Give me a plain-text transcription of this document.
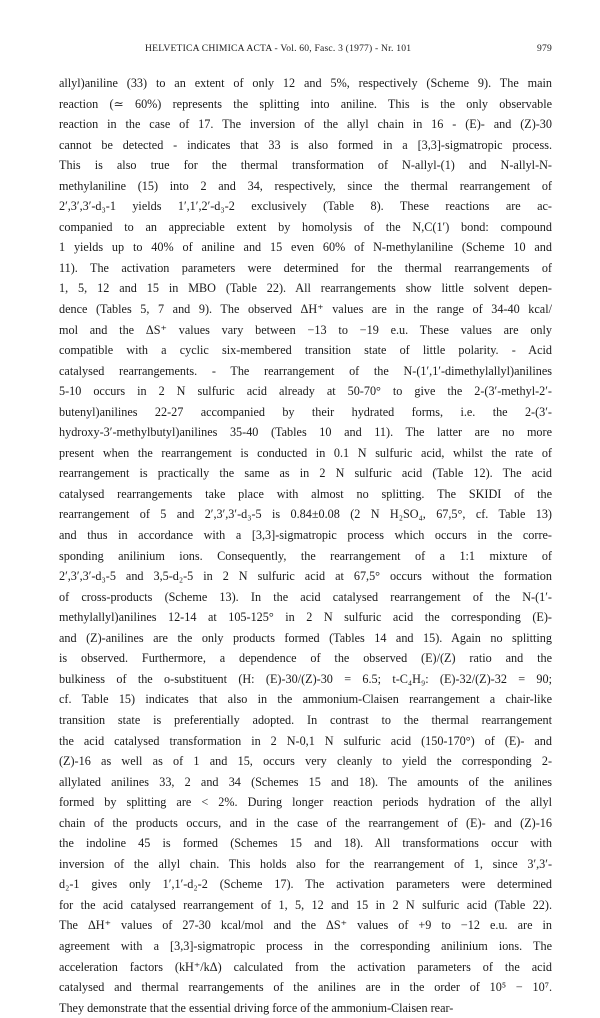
HELVETICA CHIMICA ACTA - Vol. 60, Fasc. 3 (1977) - Nr. 101	979
allyl)aniline (33) to an extent of only 12 and 5%, respectively (Scheme 9). The main
reaction (≃ 60%) represents the splitting into aniline. This is the only observable
reaction in the case of 17. The inversion of the allyl chain in 16 - (E)- and (Z)-30
cannot be detected - indicates that 33 is also formed in a [3,3]-sigmatropic process.
This is also true for the thermal transformation of N-allyl-(1) and N-allyl-N-
methylaniline (15) into 2 and 34, respectively, since the thermal rearrangement of
2′,3′,3′-d₃-1 yields 1′,1′,2′-d₃-2 exclusively (Table 8). These reactions are ac-
companied to an appreciable extent by homolysis of the N,C(1′) bond: compound
1 yields up to 40% of aniline and 15 even 60% of N-methylaniline (Scheme 10 and
11). The activation parameters were determined for the thermal rearrangements of
1, 5, 12 and 15 in MBO (Table 22). All rearrangements show little solvent depen-
dence (Tables 5, 7 and 9). The observed ΔH⁺ values are in the range of 34-40 kcal/
mol and the ΔS⁺ values vary between −13 to −19 e.u. These values are only
compatible with a cyclic six-membered transition state of little polarity. - Acid
catalysed rearrangements. - The rearrangement of the N-(1′,1′-dimethylallyl)anilines
5-10 occurs in 2 N sulfuric acid already at 50-70° to give the 2-(3′-methyl-2′-
butenyl)anilines 22-27 accompanied by their hydrated forms, i.e. the 2-(3′-
hydroxy-3′-methylbutyl)anilines 35-40 (Tables 10 and 11). The latter are no more
present when the rearrangement is conducted in 0.1 N sulfuric acid, whilst the rate of
rearrangement is practically the same as in 2 N sulfuric acid (Table 12). The acid
catalysed rearrangements take place with almost no splitting. The SKIDI of the
rearrangement of 5 and 2′,3′,3′-d₃-5 is 0.84±0.08 (2 N H₂SO₄, 67,5°, cf. Table 13)
and thus in accordance with a [3,3]-sigmatropic process which occurs in the corre-
sponding anilinium ions. Consequently, the rearrangement of a 1:1 mixture of
2′,3′,3′-d₃-5 and 3,5-d₂-5 in 2 N sulfuric acid at 67,5° occurs without the formation
of cross-products (Scheme 13). In the acid catalysed rearrangement of the N-(1′-
methylallyl)anilines 12-14 at 105-125° in 2 N sulfuric acid the corresponding (E)-
and (Z)-anilines are the only products formed (Tables 14 and 15). Again no splitting
is observed. Furthermore, a dependence of the observed (E)/(Z) ratio and the
bulkiness of the o-substituent (H: (E)-30/(Z)-30 = 6.5; t-C₄H₉: (E)-32/(Z)-32 = 90;
cf. Table 15) indicates that also in the ammonium-Claisen rearrangement a chair-like
transition state is preferentially adopted. In contrast to the thermal rearrangement
the acid catalysed transformation in 2 N-0,1 N sulfuric acid (150-170°) of (E)- and
(Z)-16 as well as of 1 and 15, occurs very cleanly to yield the corresponding 2-
allylated anilines 33, 2 and 34 (Schemes 15 and 18). The amounts of the anilines
formed by splitting are < 2%. During longer reaction periods hydration of the allyl
chain of the products occurs, and in the case of the rearrangement of (E)- and (Z)-16
the indoline 45 is formed (Schemes 15 and 18). All transformations occur with
inversion of the allyl chain. This holds also for the rearrangement of 1, since 3′,3′-
d₂-1 gives only 1′,1′-d₂-2 (Scheme 17). The activation parameters were determined
for the acid catalysed rearrangement of 1, 5, 12 and 15 in 2 N sulfuric acid (Table 22).
The ΔH⁺ values of 27-30 kcal/mol and the ΔS⁺ values of +9 to −12 e.u. are in
agreement with a [3,3]-sigmatropic process in the corresponding anilinium ions. The
acceleration factors (kH⁺/kΔ) calculated from the activation parameters of the acid
catalysed and thermal rearrangements of the anilines are in the order of 10⁵ − 10⁷.
They demonstrate that the essential driving force of the ammonium-Claisen rear-
